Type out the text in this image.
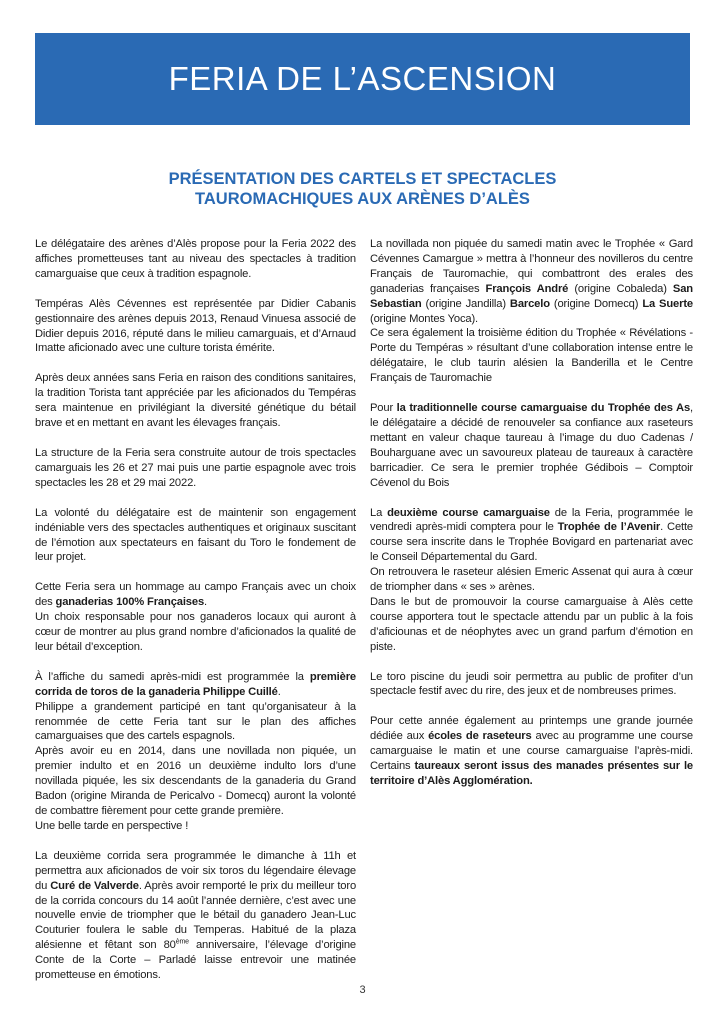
FERIA DE L’ASCENSION
PRÉSENTATION DES CARTELS ET SPECTACLES
TAUROMACHIQUES AUX ARÈNES D’ALÈS

Le délégataire des arènes d’Alès propose pour la Feria 2022 des affiches prometteuses tant au niveau des spectacles à tradition camarguaise que ceux à tradition espagnole.

Tempéras Alès Cévennes est représentée par Didier Cabanis gestionnaire des arènes depuis 2013, Renaud Vinuesa associé de Didier depuis 2016, réputé dans le milieu camarguais, et d’Arnaud Imatte aficionado avec une culture torista émérite.

Après deux années sans Feria en raison des conditions sanitaires, la tradition Torista tant appréciée par les aficionados du Tempéras sera maintenue en privilégiant la diversité génétique du bétail brave et en mettant en avant les élevages français.

La structure de la Feria sera construite autour de trois spectacles camarguais les 26 et 27 mai puis une partie espagnole avec trois spectacles les 28 et 29 mai 2022.

La volonté du délégataire est de maintenir son engagement indéniable vers des spectacles authentiques et originaux suscitant de l’émotion aux spectateurs en faisant du Toro le fondement de leur projet.

Cette Feria sera un hommage au campo Français avec un choix des ganaderias 100% Françaises.
Un choix responsable pour nos ganaderos locaux qui auront à cœur de montrer au plus grand nombre d’aficionados la qualité de leur bétail d’exception.

À l’affiche du samedi après-midi est programmée la première corrida de toros de la ganaderia Philippe Cuillé.
Philippe a grandement participé en tant qu’organisateur à la renommée de cette Feria tant sur le plan des affiches camarguaises que des cartels espagnols.
Après avoir eu en 2014, dans une novillada non piquée, un premier indulto et en 2016 un deuxième indulto lors d’une novillada piquée, les six descendants de la ganaderia du Grand Badon (origine Miranda de Pericalvo - Domecq) auront la volonté de combattre fièrement pour cette grande première.
Une belle tarde en perspective !

La deuxième corrida sera programmée le dimanche à 11h et permettra aux aficionados de voir six toros du légendaire élevage du Curé de Valverde. Après avoir remporté le prix du meilleur toro de la corrida concours du 14 août l’année dernière, c’est avec une nouvelle envie de triompher que le bétail du ganadero Jean-Luc Couturier foulera le sable du Temperas. Habitué de la plaza alésienne et fêtant son 80ème anniversaire, l’élevage d’origine Conte de la Corte – Parladé laisse entrevoir une matinée prometteuse en émotions.

La novillada non piquée du samedi matin avec le Trophée « Gard Cévennes Camargue » mettra à l’honneur des novilleros du centre Français de Tauromachie, qui combattront des erales des ganaderias françaises François André (origine Cobaleda) San Sebastian (origine Jandilla) Barcelo (origine Domecq) La Suerte (origine Montes Yoca).
Ce sera également la troisième édition du Trophée « Révélations - Porte du Tempéras » résultant d’une collaboration intense entre le délégataire, le club taurin alésien la Banderilla et le Centre Français de Tauromachie

Pour la traditionnelle course camarguaise du Trophée des As, le délégataire a décidé de renouveler sa confiance aux raseteurs mettant en valeur chaque taureau à l’image du duo Cadenas / Bouharguane avec un savoureux plateau de taureaux à caractère barricadier. Ce sera le premier trophée Gédibois – Comptoir Cévenol du Bois

La deuxième course camarguaise de la Feria, programmée le vendredi après-midi comptera pour le Trophée de l’Avenir. Cette course sera inscrite dans le Trophée Bovigard en partenariat avec le Conseil Départemental du Gard.
On retrouvera le raseteur alésien Emeric Assenat qui aura à cœur de triompher dans « ses » arènes.
Dans le but de promouvoir la course camarguaise à Alès cette course apportera tout le spectacle attendu par un public à la fois d’aficiounas et de néophytes avec un grand parfum d’émotion en piste.

Le toro piscine du jeudi soir permettra au public de profiter d’un spectacle festif avec du rire, des jeux et de nombreuses primes.

Pour cette année également au printemps une grande journée dédiée aux écoles de raseteurs avec au programme une course camarguaise le matin et une course camarguaise l’après-midi. Certains taureaux seront issus des manades présentes sur le territoire d’Alès Agglomération.

3
